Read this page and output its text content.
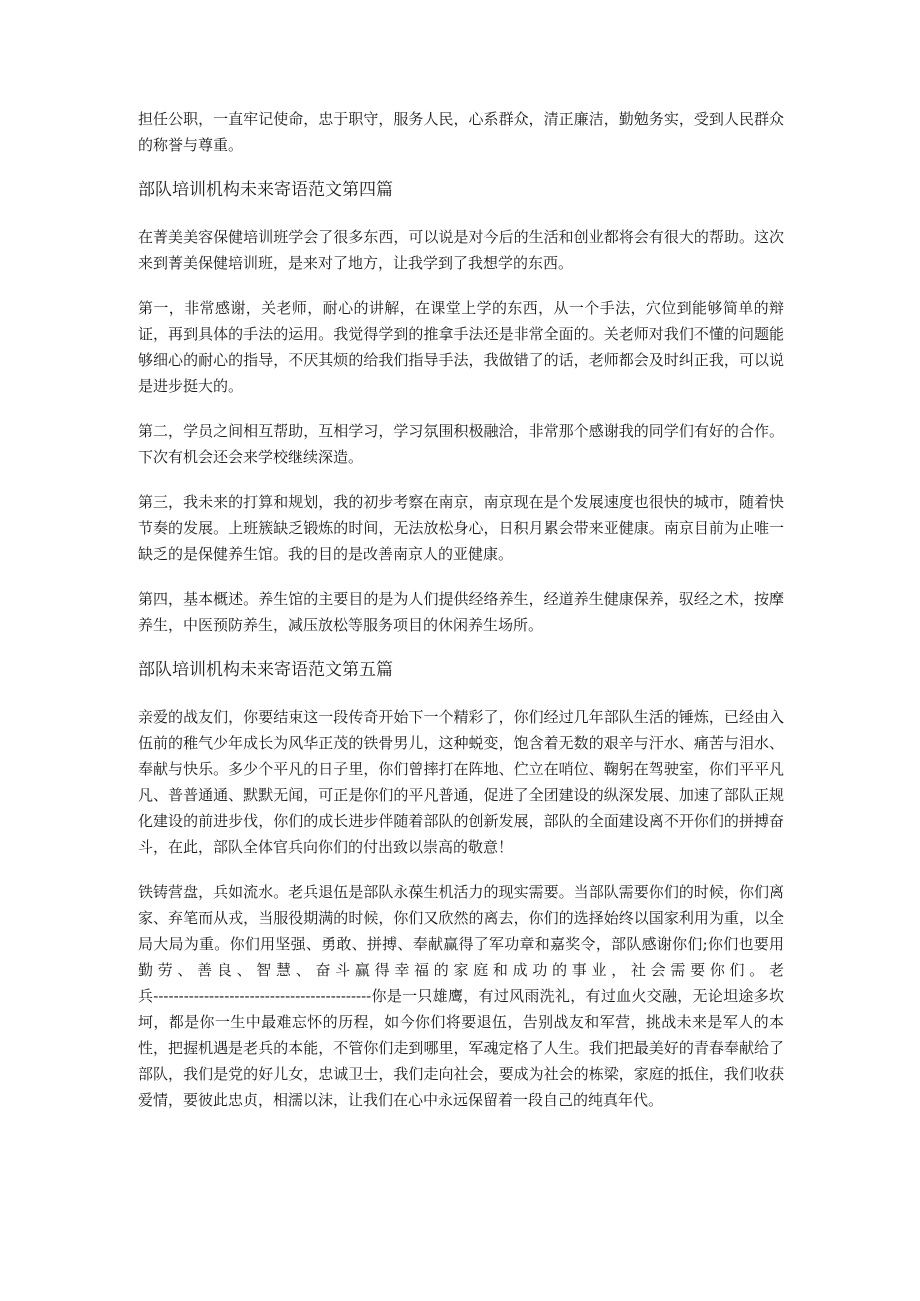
担任公职，一直牢记使命，忠于职守，服务人民，心系群众，清正廉洁，勤勉务实，受到人民群众的称誉与尊重。

部队培训机构未来寄语范文第四篇

在菁美美容保健培训班学会了很多东西，可以说是对今后的生活和创业都将会有很大的帮助。这次来到菁美保健培训班，是来对了地方，让我学到了我想学的东西。

第一，非常感谢，关老师，耐心的讲解，在课堂上学的东西，从一个手法，穴位到能够简单的辩证，再到具体的手法的运用。我觉得学到的推拿手法还是非常全面的。关老师对我们不懂的问题能够细心的耐心的指导，不厌其烦的给我们指导手法，我做错了的话，老师都会及时纠正我，可以说是进步挺大的。

第二，学员之间相互帮助，互相学习，学习氛围积极融洽，非常那个感谢我的同学们有好的合作。下次有机会还会来学校继续深造。

第三，我未来的打算和规划，我的初步考察在南京，南京现在是个发展速度也很快的城市，随着快节奏的发展。上班簇缺乏锻炼的时间，无法放松身心，日积月累会带来亚健康。南京目前为止唯一缺乏的是保健养生馆。我的目的是改善南京人的亚健康。

第四，基本概述。养生馆的主要目的是为人们提供经络养生，经道养生健康保养，驭经之术，按摩养生，中医预防养生，减压放松等服务项目的休闲养生场所。

部队培训机构未来寄语范文第五篇

亲爱的战友们，你要结束这一段传奇开始下一个精彩了，你们经过几年部队生活的锤炼，已经由入伍前的稚气少年成长为风华正茂的铁骨男儿，这种蜕变，饱含着无数的艰辛与汗水、痛苦与泪水、奉献与快乐。多少个平凡的日子里，你们曾摔打在阵地、伫立在哨位、鞠躬在驾驶室，你们平平凡凡、普普通通、默默无闻，可正是你们的平凡普通，促进了全团建设的纵深发展、加速了部队正规化建设的前进步伐，你们的成长进步伴随着部队的创新发展，部队的全面建设离不开你们的拼搏奋斗，在此，部队全体官兵向你们的付出致以崇高的敬意！

铁铸营盘，兵如流水。老兵退伍是部队永葆生机活力的现实需要。当部队需要你们的时候，你们离家、弃笔而从戎，当服役期满的时候，你们又欣然的离去，你们的选择始终以国家利用为重，以全局大局为重。你们用坚强、勇敢、拼搏、奉献赢得了军功章和嘉奖令，部队感谢你们;你们也要用勤劳、善良、智慧、奋斗赢得幸福的家庭和成功的事业，社会需要你们。老兵-------------------------------------------你是一只雄鹰，有过风雨洗礼，有过血火交融，无论坦途多坎坷，都是你一生中最难忘怀的历程，如今你们将要退伍，告别战友和军营，挑战未来是军人的本性，把握机遇是老兵的本能，不管你们走到哪里，军魂定格了人生。我们把最美好的青春奉献给了部队，我们是党的好儿女，忠诚卫士，我们走向社会，要成为社会的栋梁，家庭的抵住，我们收获爱情，要彼此忠贞，相濡以沫，让我们在心中永远保留着一段自己的纯真年代。
